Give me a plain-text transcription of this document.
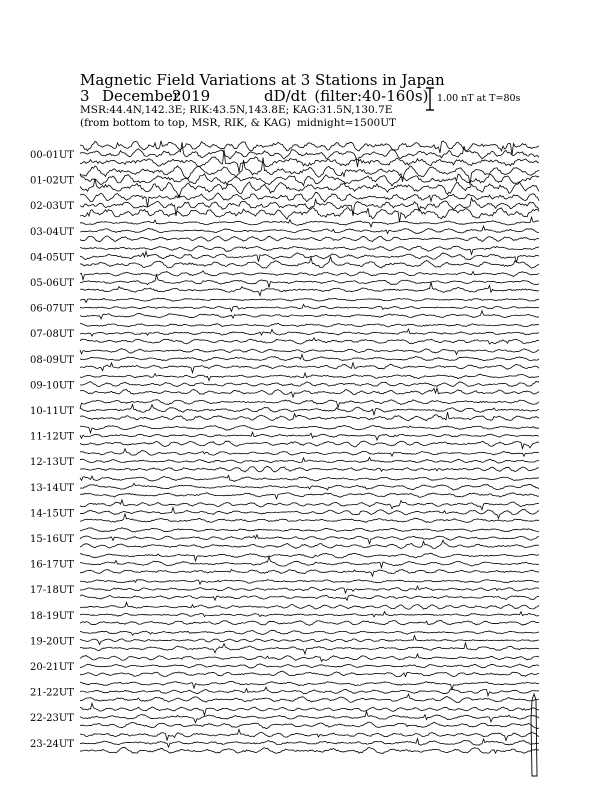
Magnetic Field Variations at 3 Stations in Japan
3 December2019	dD/dt (filter:40-160s)
MSR:44.4N,142.3E; RIK:43.5N,143.8E; KAG:31.5N,130.7E
(from bottom to top, MSR, RIK, & KAG) midnight=1500UT
1.00 nT at T=80s
00-01UT
01-02UT
02-03UT
03-04UT
04-05UT
05-06UT
06-07UT
07-08UT
08-09UT
09-10UT
10-11UT
11-12UT
12-13UT
13-14UT
14-15UT
15-16UT
16-17UT
17-18UT
18-19UT
19-20UT
20-21UT
21-22UT
22-23UT
23-24UT
